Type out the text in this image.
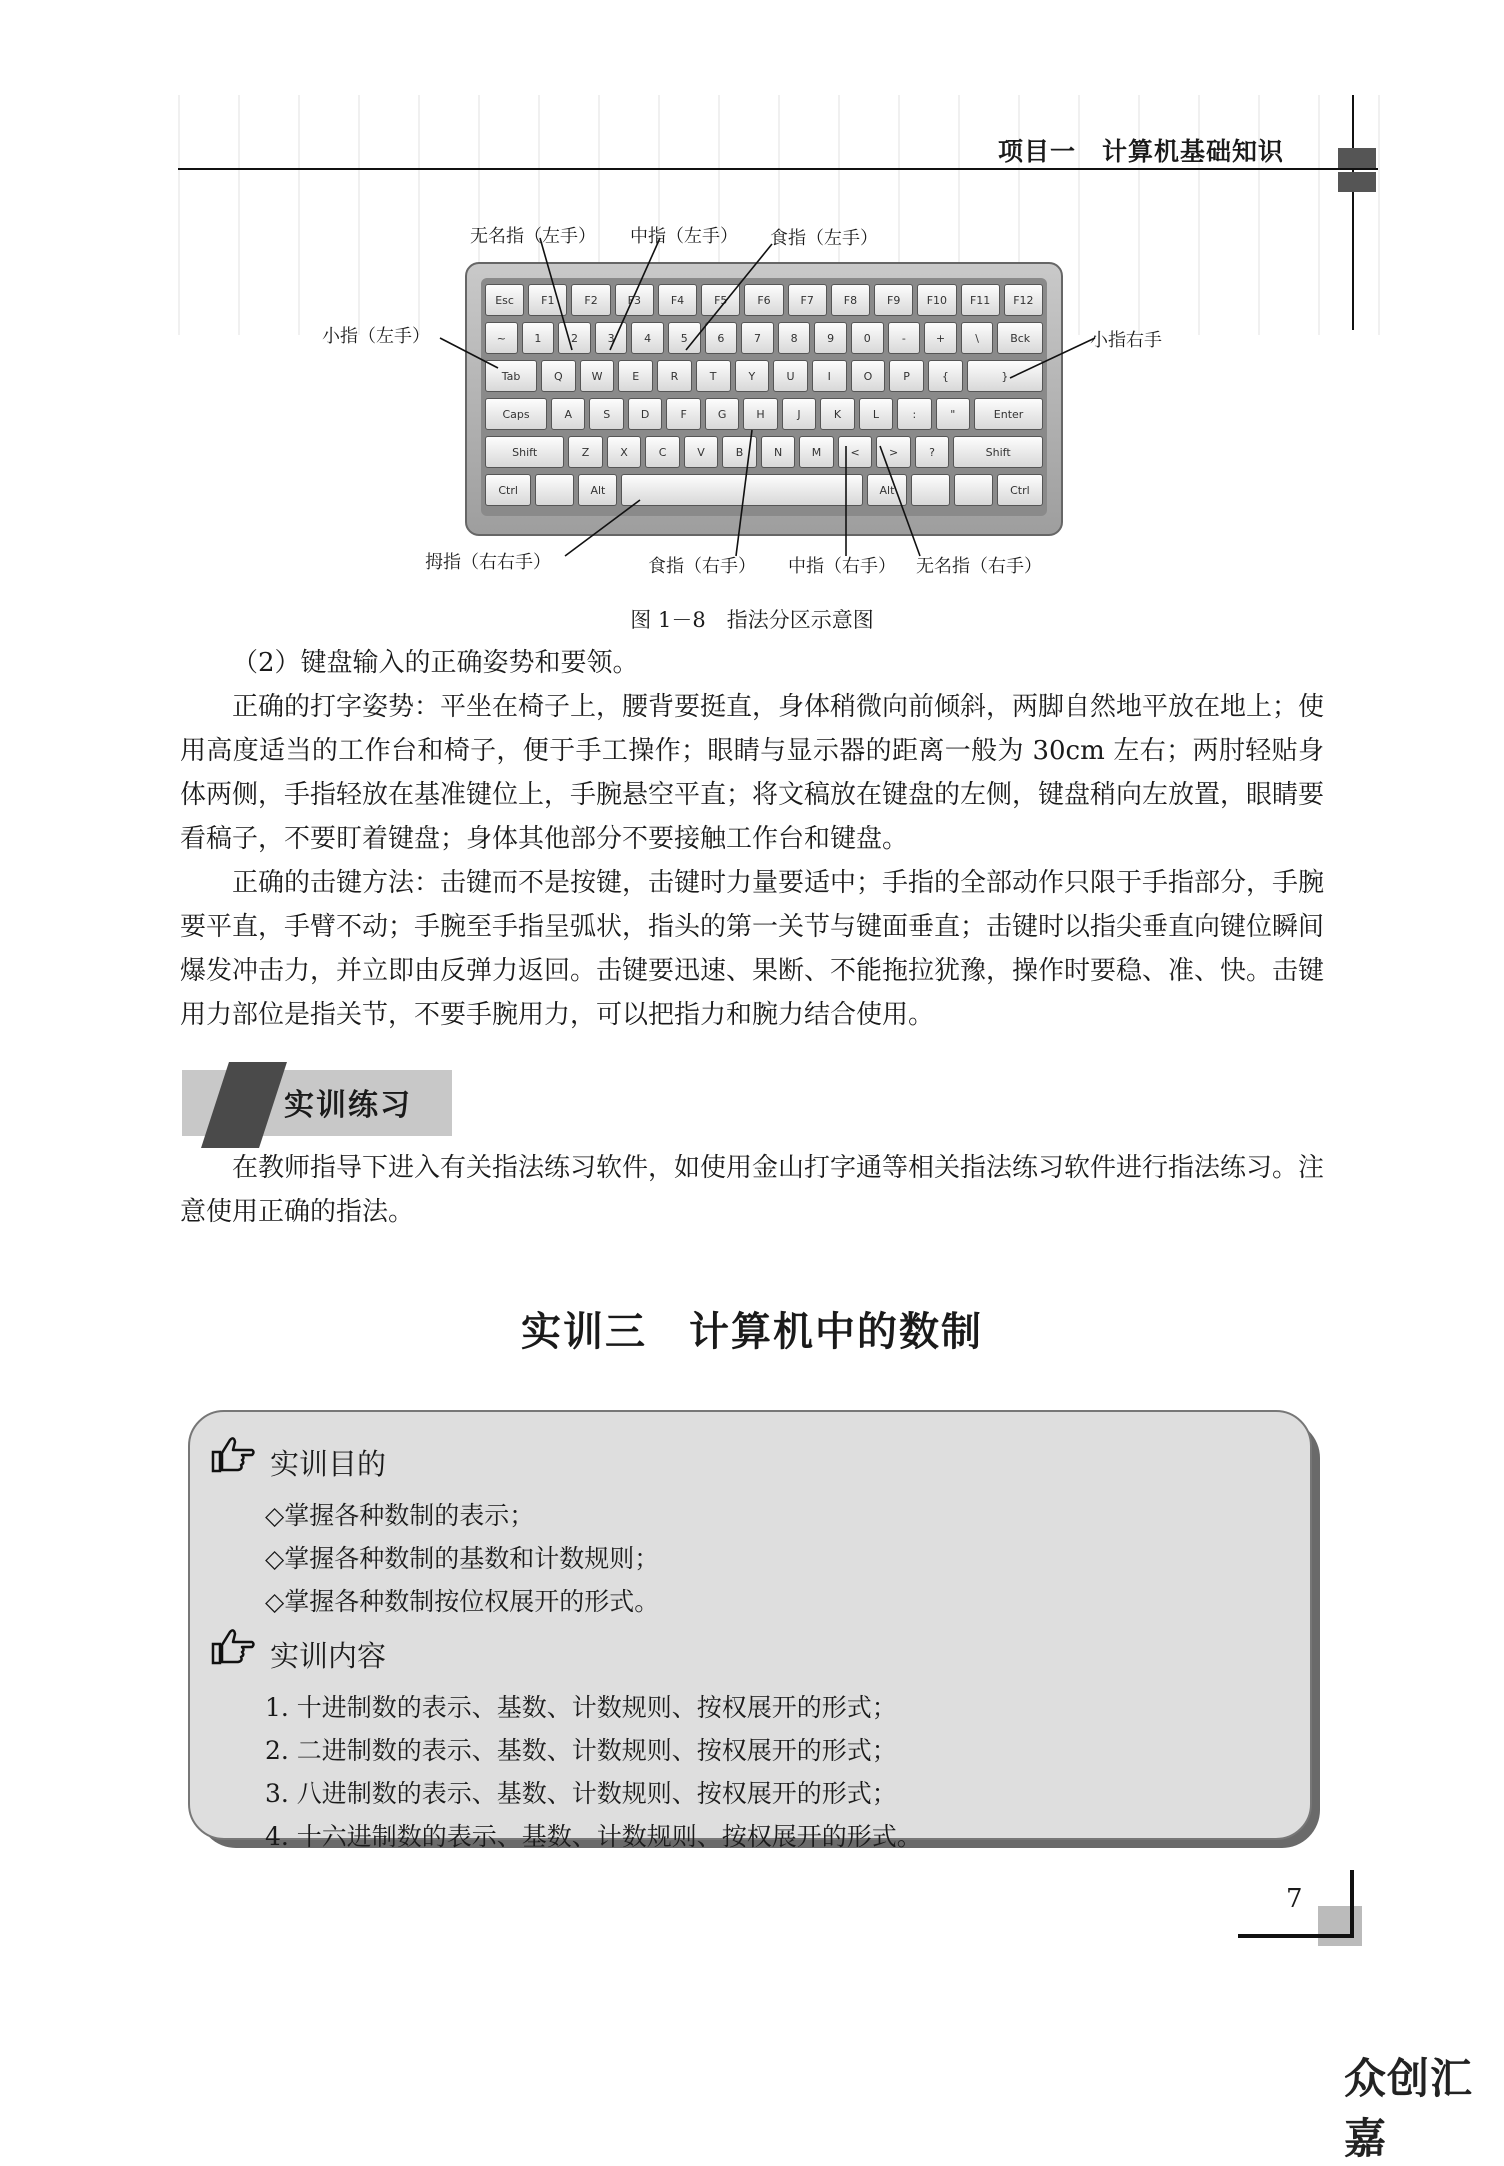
项目一　计算机基础知识
Esc	F1	F2	F3	F4	F5	F6	F7	F8	F9	F10	F11	F12
~	1	2	3	4	5	6	7	8	9	0	-	+	\	Bck
Tab	Q	W	E	R	T	Y	U	I	O	P	{	}
Caps	A	S	D	F	G	H	J	K	L	:	"	Enter
Shift	Z	X	C	V	B	N	M	<	>	?	Shift
Ctrl	Alt	Alt	Ctrl
无名指（左手） 中指（左手） 食指（左手）
小指（左手）	小指右手
拇指（右右手）	食指（右手） 中指（右手） 无名指（右手）
图 1－8　指法分区示意图
（2）键盘输入的正确姿势和要领。
正确的打字姿势：平坐在椅子上，腰背要挺直，身体稍微向前倾斜，两脚自然地平放在地上；使用高度适当的工作台和椅子，便于手工操作；眼睛与显示器的距离一般为 30cm 左右；两肘轻贴身体两侧，手指轻放在基准键位上，手腕悬空平直；将文稿放在键盘的左侧，键盘稍向左放置，眼睛要看稿子，不要盯着键盘；身体其他部分不要接触工作台和键盘。
正确的击键方法：击键而不是按键，击键时力量要适中；手指的全部动作只限于手指部分，手腕要平直，手臂不动；手腕至手指呈弧状，指头的第一关节与键面垂直；击键时以指尖垂直向键位瞬间爆发冲击力，并立即由反弹力返回。击键要迅速、果断、不能拖拉犹豫，操作时要稳、准、快。击键用力部位是指关节，不要手腕用力，可以把指力和腕力结合使用。
实训练习
在教师指导下进入有关指法练习软件，如使用金山打字通等相关指法练习软件进行指法练习。注意使用正确的指法。
实训三　计算机中的数制
实训目的
◇掌握各种数制的表示；
◇掌握各种数制的基数和计数规则；
◇掌握各种数制按位权展开的形式。
实训内容
1. 十进制数的表示、基数、计数规则、按权展开的形式；
2. 二进制数的表示、基数、计数规则、按权展开的形式；
3. 八进制数的表示、基数、计数规则、按权展开的形式；
4. 十六进制数的表示、基数、计数规则、按权展开的形式。
7
众创汇嘉
